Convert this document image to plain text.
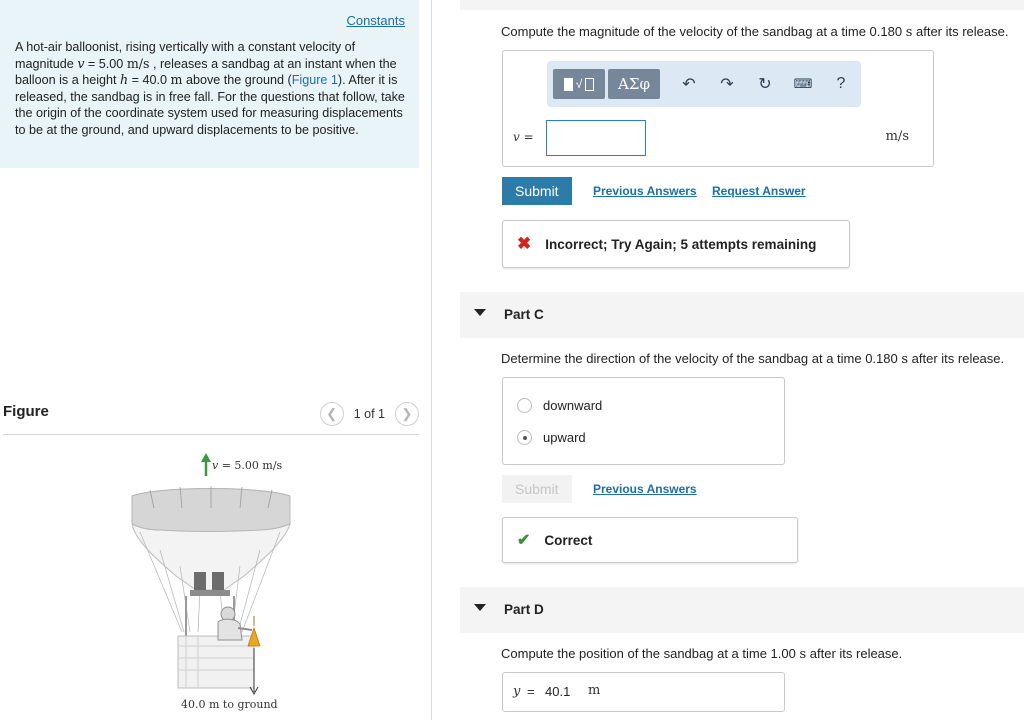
Constants

A hot-air balloonist, rising vertically with a constant velocity of magnitude v = 5.00 m/s , releases a sandbag at an instant when the balloon is a height h = 40.0 m above the ground (Figure 1). After it is released, the sandbag is in free fall. For the questions that follow, take the origin of the coordinate system used for measuring displacements to be at the ground, and upward displacements to be positive.

Figure	❮	1 of 1	❯
v = 5.00 m/s
40.0 m to ground
Compute the magnitude of the velocity of the sandbag at a time 0.180 s after its release.
√	ΑΣφ	↶	↷	↻	⌨	?
v =	m/s
Submit	Previous Answers Request Answer
✖ Incorrect; Try Again; 5 attempts remaining
Part C
Determine the direction of the velocity of the sandbag at a time 0.180 s after its release.
downward
upward
Submit	Previous Answers
✔ Correct
Part D
Compute the position of the sandbag at a time 1.00 s after its release.
y = 40.1 m
